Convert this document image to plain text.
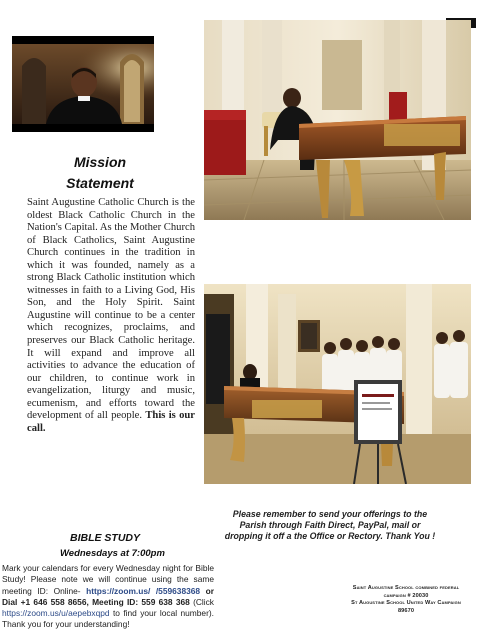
Mission
Statement
Saint Augustine Catholic Church is the oldest Black Catholic Church in the Nation's Capital. As the Mother Church of Black Catholics, Saint Augustine Church continues in the tradition in which it was founded, namely as a strong Black Catholic institution which witnesses in faith to a Living God, His Son, and the Holy Spirit. Saint Augustine will continue to be a center which recognizes, proclaims, and preserves our Black Catholic heritage. It will expand and improve all activities to advance the education of our children, to continue work in evangelization, liturgy and music, ecumenism, and efforts toward the development of all people. This is our call.
BIBLE STUDY
Wednesdays at 7:00pm
Mark your calendars for every Wednesday night for Bible Study! Please note we will continue using the same meeting ID: Online- https://zoom.us/ /559638368 or Dial +1 646 558 8656, Meeting ID: 559 638 368 (Click https://zoom.us/u/aepebxqpd to find your local number). Thank you for your understanding!
Please remember to send your offerings to the Parish through Faith Direct, PayPal, mail or dropping it off a the Office or Rectory. Thank You !
Saint Augustine School combined federal
campaign # 20030
St Augustine School United Way Campaign
89670
